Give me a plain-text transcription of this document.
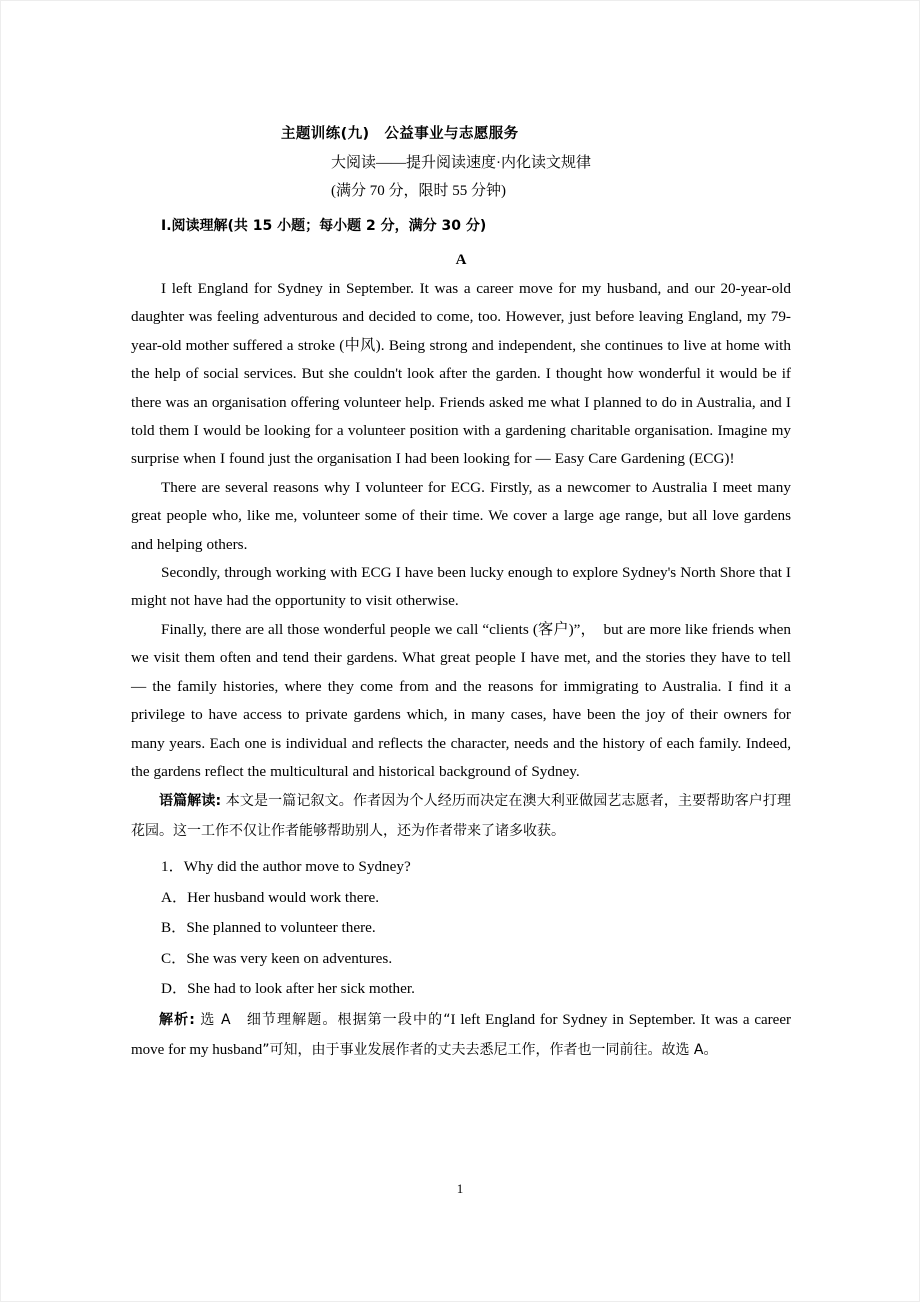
主题训练(九)　公益事业与志愿服务
大阅读——提升阅读速度·内化读文规律
(满分 70 分，限时 55 分钟)
Ⅰ.阅读理解(共 15 小题；每小题 2 分，满分 30 分)
A

I left England for Sydney in September. It was a career move for my husband, and our 20-year-old daughter was feeling adventurous and decided to come, too. However, just before leaving England, my 79-year-old mother suffered a stroke (中风). Being strong and independent, she continues to live at home with the help of social services. But she couldn't look after the garden. I thought how wonderful it would be if there was an organisation offering volunteer help. Friends asked me what I planned to do in Australia, and I told them I would be looking for a volunteer position with a gardening charitable organisation. Imagine my surprise when I found just the organisation I had been looking for — Easy Care Gardening (ECG)!

There are several reasons why I volunteer for ECG. Firstly, as a newcomer to Australia I meet many great people who, like me, volunteer some of their time. We cover a large age range, but all love gardens and helping others.

Secondly, through working with ECG I have been lucky enough to explore Sydney's North Shore that I might not have had the opportunity to visit otherwise.

Finally, there are all those wonderful people we call “clients (客户)”，　but are more like friends when we visit them often and tend their gardens. What great people I have met, and the stories they have to tell — the family histories, where they come from and the reasons for immigrating to Australia. I find it a privilege to have access to private gardens which, in many cases, have been the joy of their owners for many years. Each one is individual and reflects the character, needs and the history of each family. Indeed, the gardens reflect the multicultural and historical background of Sydney.

语篇解读: 本文是一篇记叙文。作者因为个人经历而决定在澳大利亚做园艺志愿者，主要帮助客户打理花园。这一工作不仅让作者能够帮助别人，还为作者带来了诸多收获。

1．Why did the author move to Sydney?

A．Her husband would work there.

B．She planned to volunteer there.

C．She was very keen on adventures.

D．She had to look after her sick mother.

解析: 选 A　细节理解题。根据第一段中的“I left England for Sydney in September. It was a career move for my husband”可知，由于事业发展作者的丈夫去悉尼工作，作者也一同前往。故选 A。

1
